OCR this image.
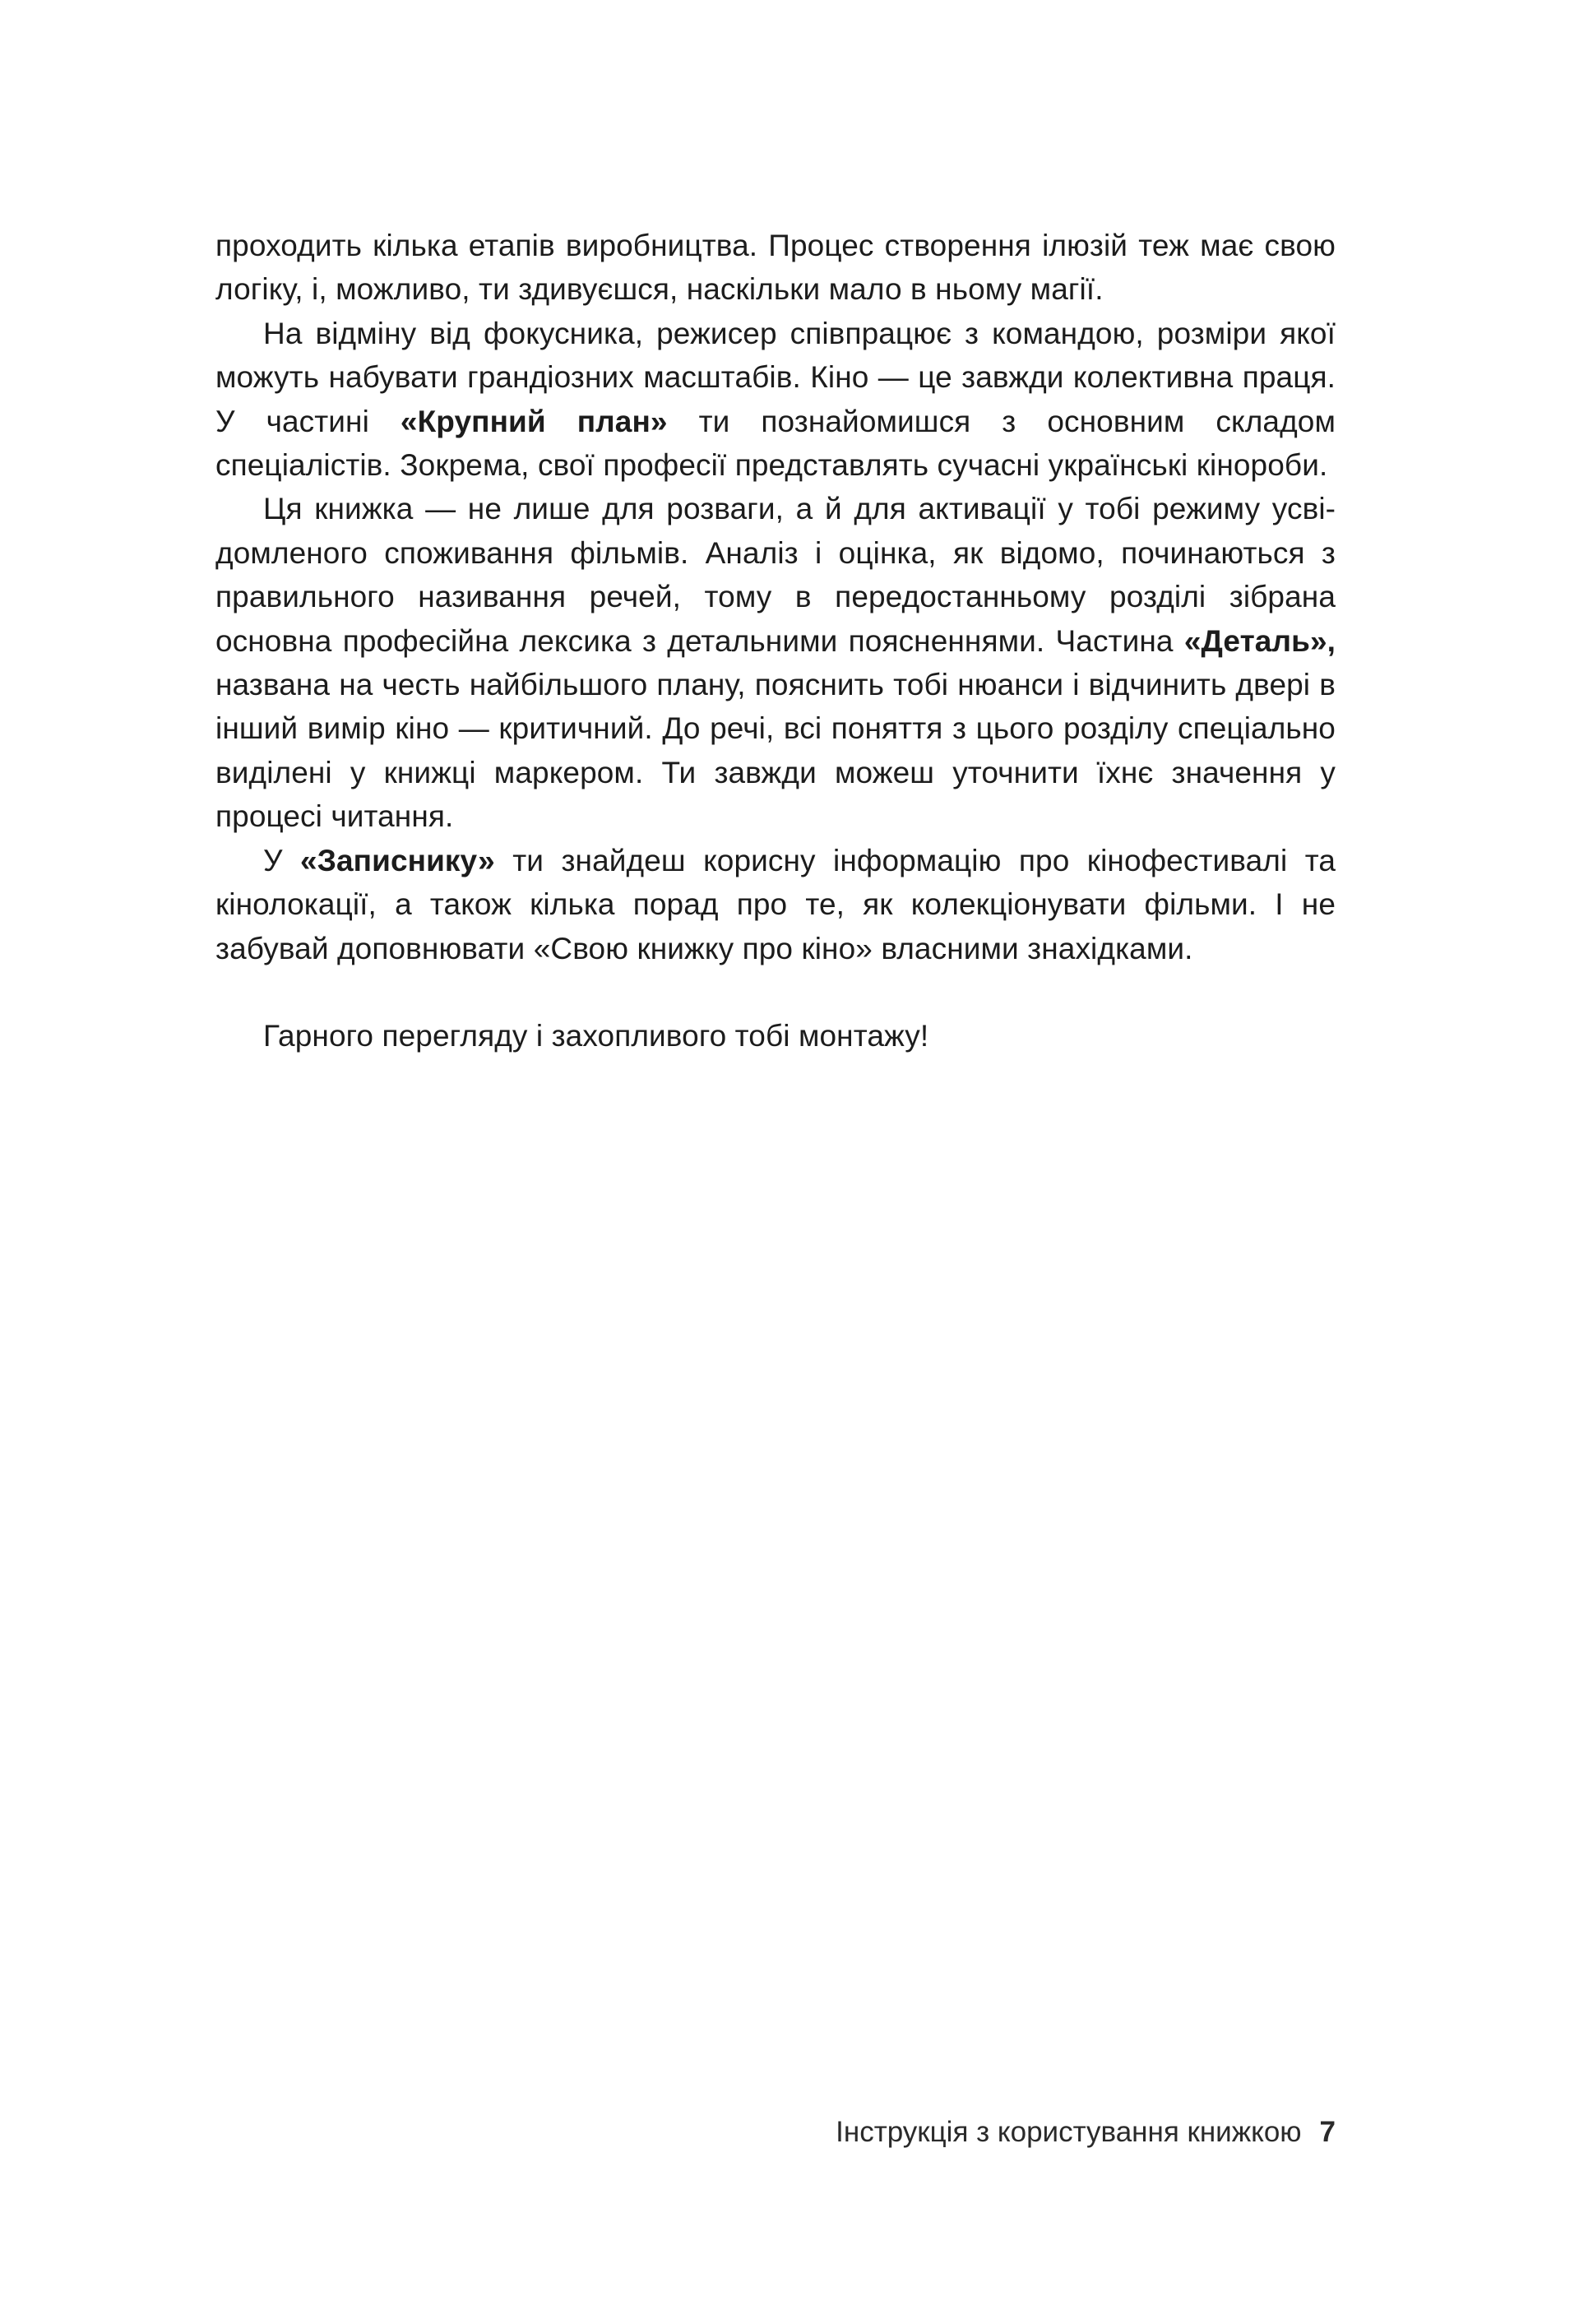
проходить кілька етапів виробництва. Процес створення ілюзій теж має свою логіку, і, можливо, ти здивуєшся, наскільки мало в ньому магії.

На відміну від фокусника, режисер співпрацює з командою, розміри якої можуть набувати грандіозних масштабів. Кіно — це завжди колективна праця. У частині «Крупний план» ти познайомишся з основним складом спеціалістів. Зокрема, свої професії представлять сучасні українські кінороби.

Ця книжка — не лише для розваги, а й для активації у тобі режиму усвідомленого споживання фільмів. Аналіз і оцінка, як відомо, починаються з правильного називання речей, тому в передостанньому розділі зібрана основна професійна лексика з детальними поясненнями. Частина «Деталь», названа на честь найбільшого плану, пояснить тобі нюанси і відчинить двері в інший вимір кіно — критичний. До речі, всі поняття з цього розділу спеціально виділені у книжці маркером. Ти завжди можеш уточнити їхнє значення у процесі читання.

У «Записнику» ти знайдеш корисну інформацію про кінофестивалі та кінолокації, а також кілька порад про те, як колекціонувати фільми. І не забувай доповнювати «Свою книжку про кіно» власними знахідками.

Гарного перегляду і захопливого тобі монтажу!

Інструкція з користування книжкою 7
